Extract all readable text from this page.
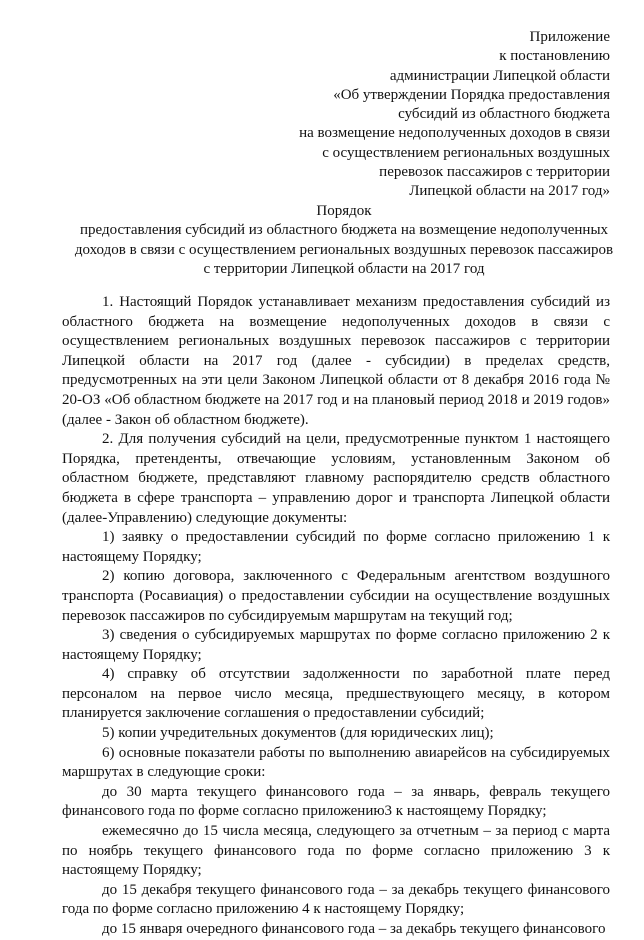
Приложение
к постановлению
администрации Липецкой области
«Об утверждении Порядка предоставления
субсидий из областного бюджета
на возмещение недополученных доходов в связи
с осуществлением региональных воздушных
перевозок пассажиров с территории
Липецкой области на 2017 год»
Порядок
предоставления субсидий из областного бюджета на возмещение недополученных
доходов в связи с осуществлением региональных воздушных перевозок пассажиров
с территории Липецкой области на 2017 год

1. Настоящий Порядок устанавливает механизм предоставления субсидий из областного бюджета на возмещение недополученных доходов в связи с осуществлением региональных воздушных перевозок пассажиров с территории Липецкой области на 2017 год (далее - субсидии) в пределах средств, предусмотренных на эти цели Законом Липецкой области от 8 декабря 2016 года № 20-ОЗ «Об областном бюджете на 2017 год и на плановый период 2018 и 2019 годов» (далее - Закон об областном бюджете).

2. Для получения субсидий на цели, предусмотренные пунктом 1 настоящего Порядка, претенденты, отвечающие условиям, установленным Законом об областном бюджете, представляют главному распорядителю средств областного бюджета в сфере транспорта – управлению дорог и транспорта Липецкой области (далее-Управлению) следующие документы:

1) заявку о предоставлении субсидий по форме согласно приложению 1 к настоящему Порядку;

2) копию договора, заключенного с Федеральным агентством воздушного транспорта (Росавиация) о предоставлении субсидии на осуществление воздушных перевозок пассажиров по субсидируемым маршрутам на текущий год;

3) сведения о субсидируемых маршрутах по форме согласно приложению 2 к настоящему Порядку;

4) справку об отсутствии задолженности по заработной плате перед персоналом на первое число месяца, предшествующего месяцу, в котором планируется заключение соглашения о предоставлении субсидий;

5) копии учредительных документов (для юридических лиц);

6) основные показатели работы по выполнению авиарейсов на субсидируемых маршрутах в следующие сроки:

до 30 марта текущего финансового года – за январь, февраль текущего финансового года по форме согласно приложению3 к настоящему Порядку;

ежемесячно до 15 числа месяца, следующего за отчетным – за период с марта по ноябрь текущего финансового года по форме согласно приложению 3 к настоящему Порядку;

до 15 декабря текущего финансового года – за декабрь текущего финансового года по форме согласно приложению 4 к настоящему Порядку;

до 15 января очередного финансового года – за декабрь текущего финансового
